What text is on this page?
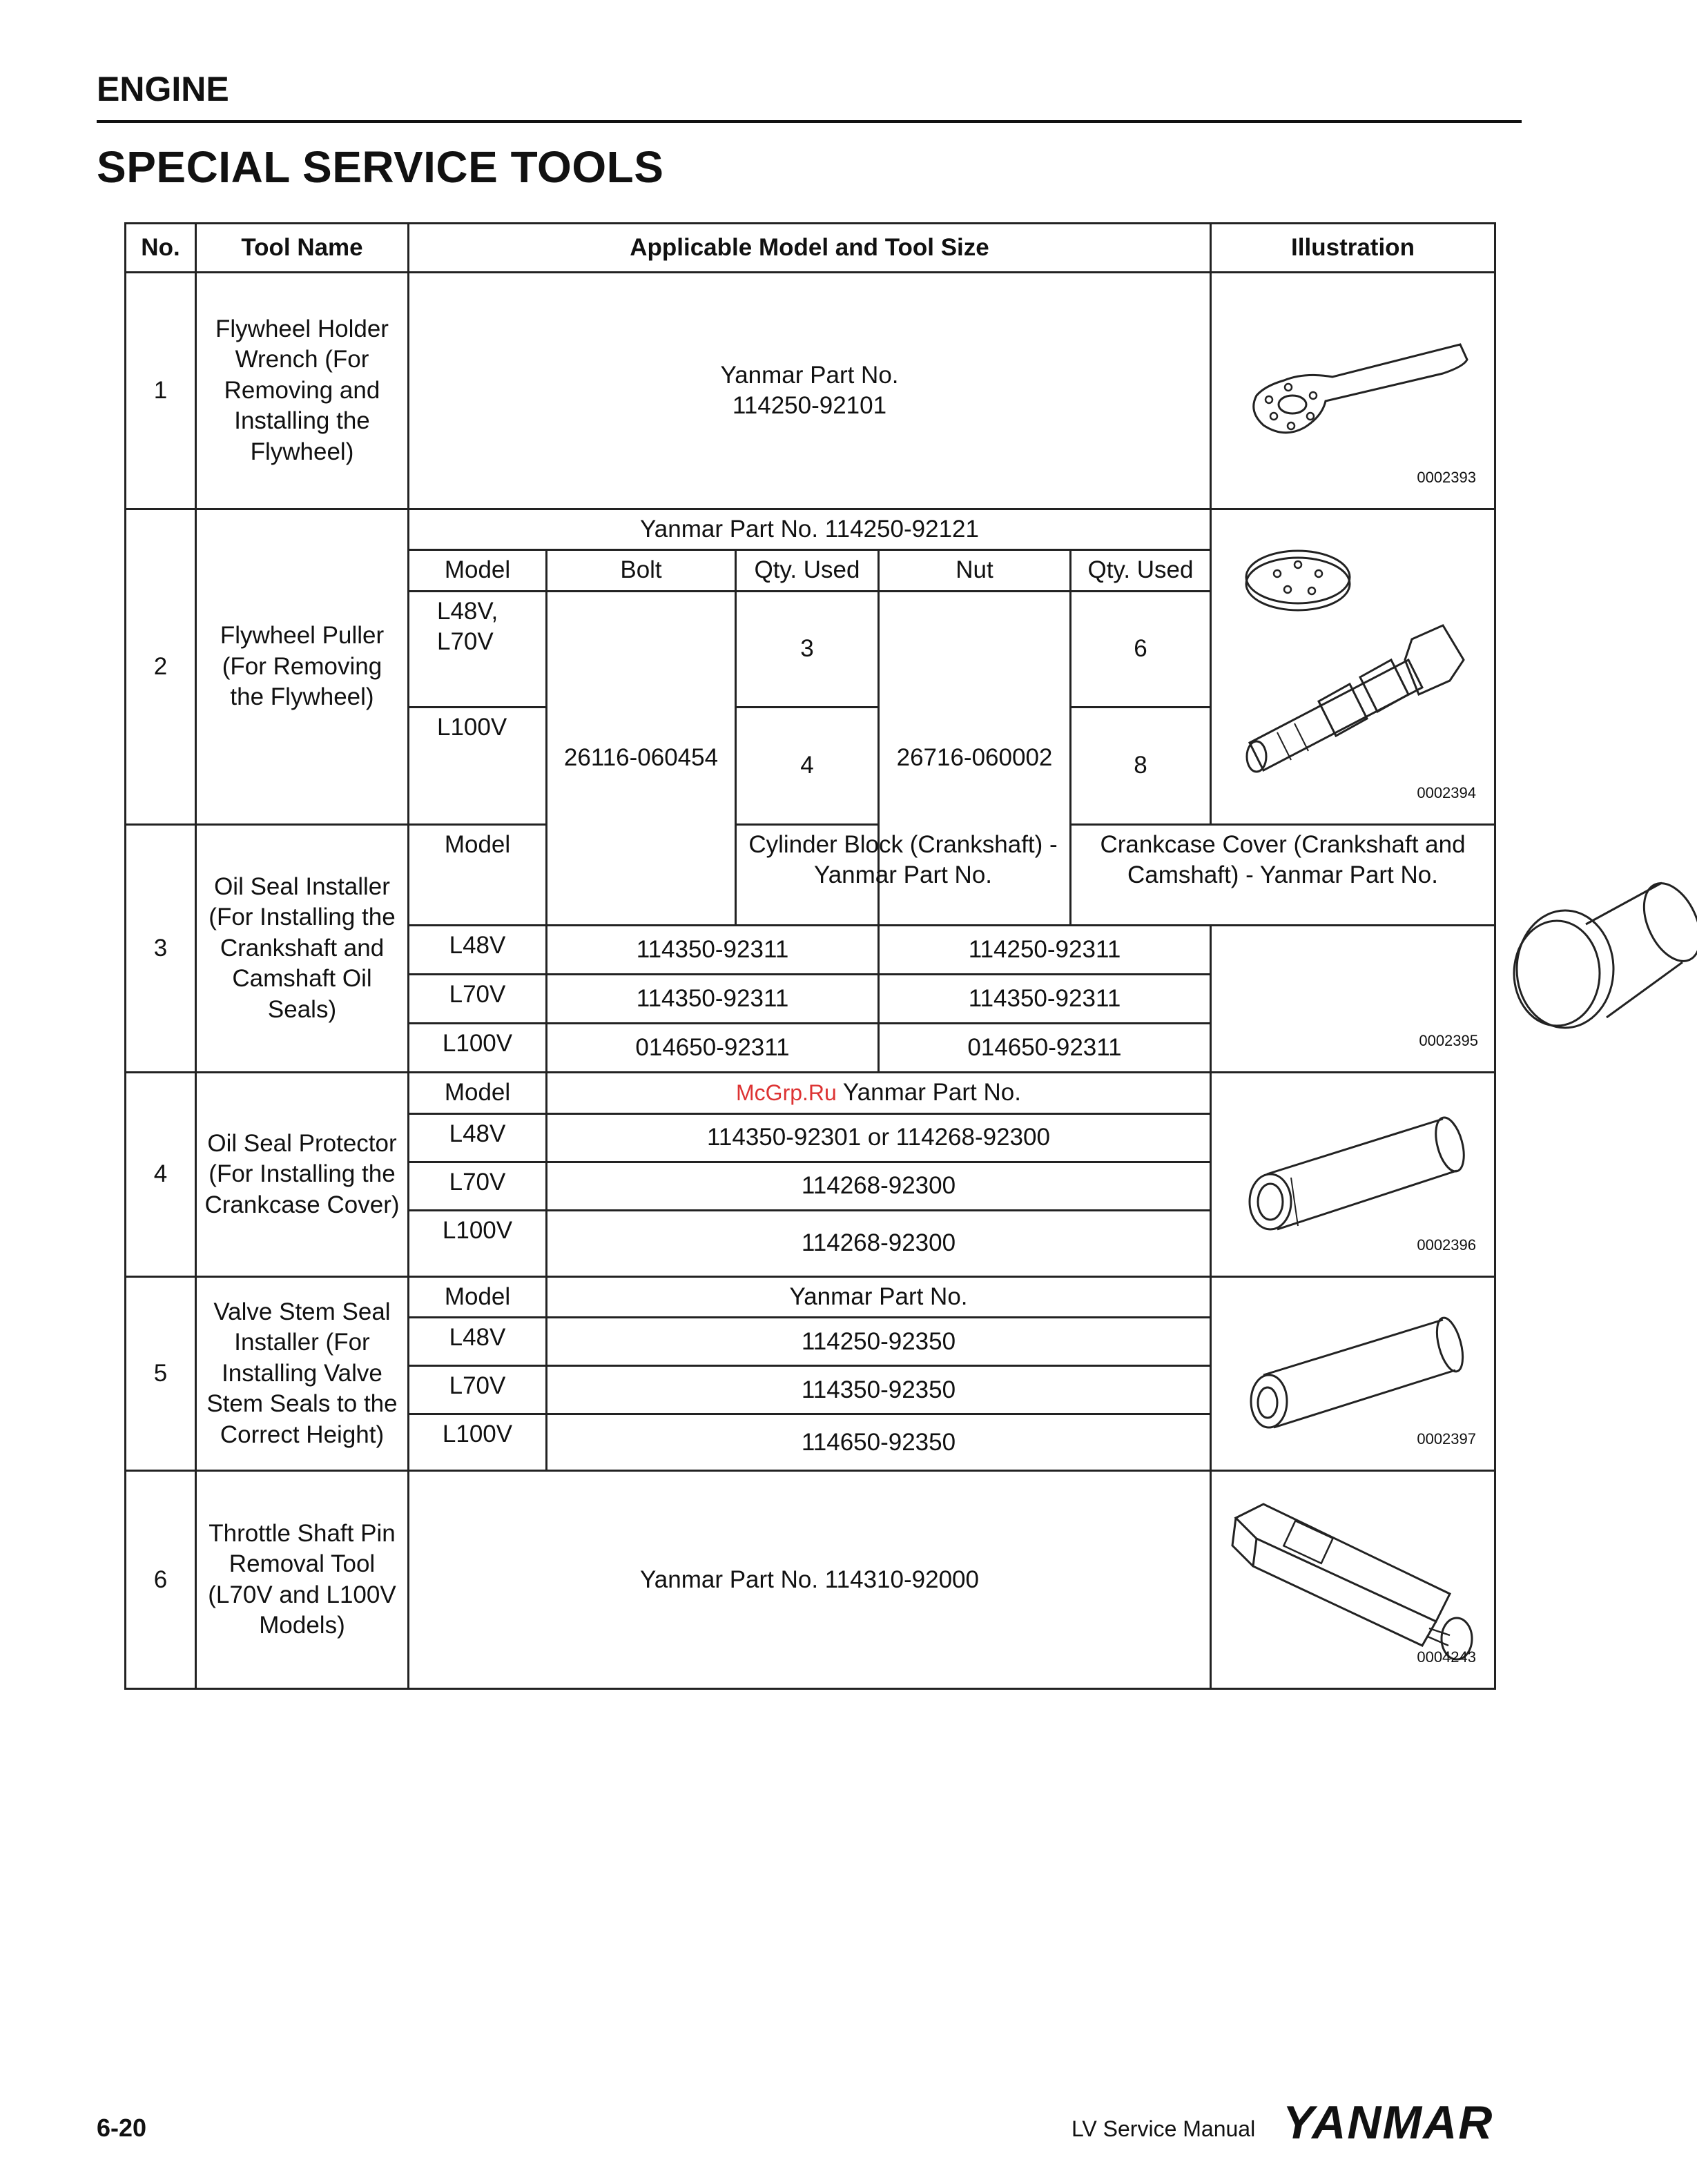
ENGINE
SPECIAL SERVICE TOOLS
No.	Tool Name	Applicable Model and Tool Size					Illustration	
1	Flywheel Holder Wrench (For Removing and Installing the Flywheel)	Yanmar Part No.
114250-92101					0002393	

2	Flywheel Puller (For Removing the Flywheel)	Yanmar Part No. 114250-92121					0002394	

		Model	Bolt	Qty. Used	Nut	Qty. Used		
		L48V, L70V	26116-060454	3	26716-060002	6		

		L100V		4		8		
3	Oil Seal Installer (For Installing the Crankshaft and Camshaft Oil Seals)	Model		Cylinder Block (Crankshaft) - Yanmar Part No.		Crankcase Cover (Crankshaft and Camshaft) - Yanmar Part No.		0002395

		L48V	114350-92311		114250-92311			
		L70V	114350-92311		114350-92311			
		L100V	014650-92311		014650-92311			
4	Oil Seal Protector (For Installing the Crankcase Cover)	Model	McGrp.Ru Yanmar Part No.				0002396	

		L48V	114350-92301 or 114268-92300					
		L70V	114268-92300					
		L100V	114268-92300					
5	Valve Stem Seal Installer (For Installing Valve Stem Seals to the Correct Height)	Model	Yanmar Part No.				0002397	

		L48V	114250-92350					
		L70V	114350-92350					
		L100V	114650-92350					
6	Throttle Shaft Pin Removal Tool (L70V and L100V Models)	Yanmar Part No. 114310-92000					0004243	
6-20	LV Service Manual YANMAR
